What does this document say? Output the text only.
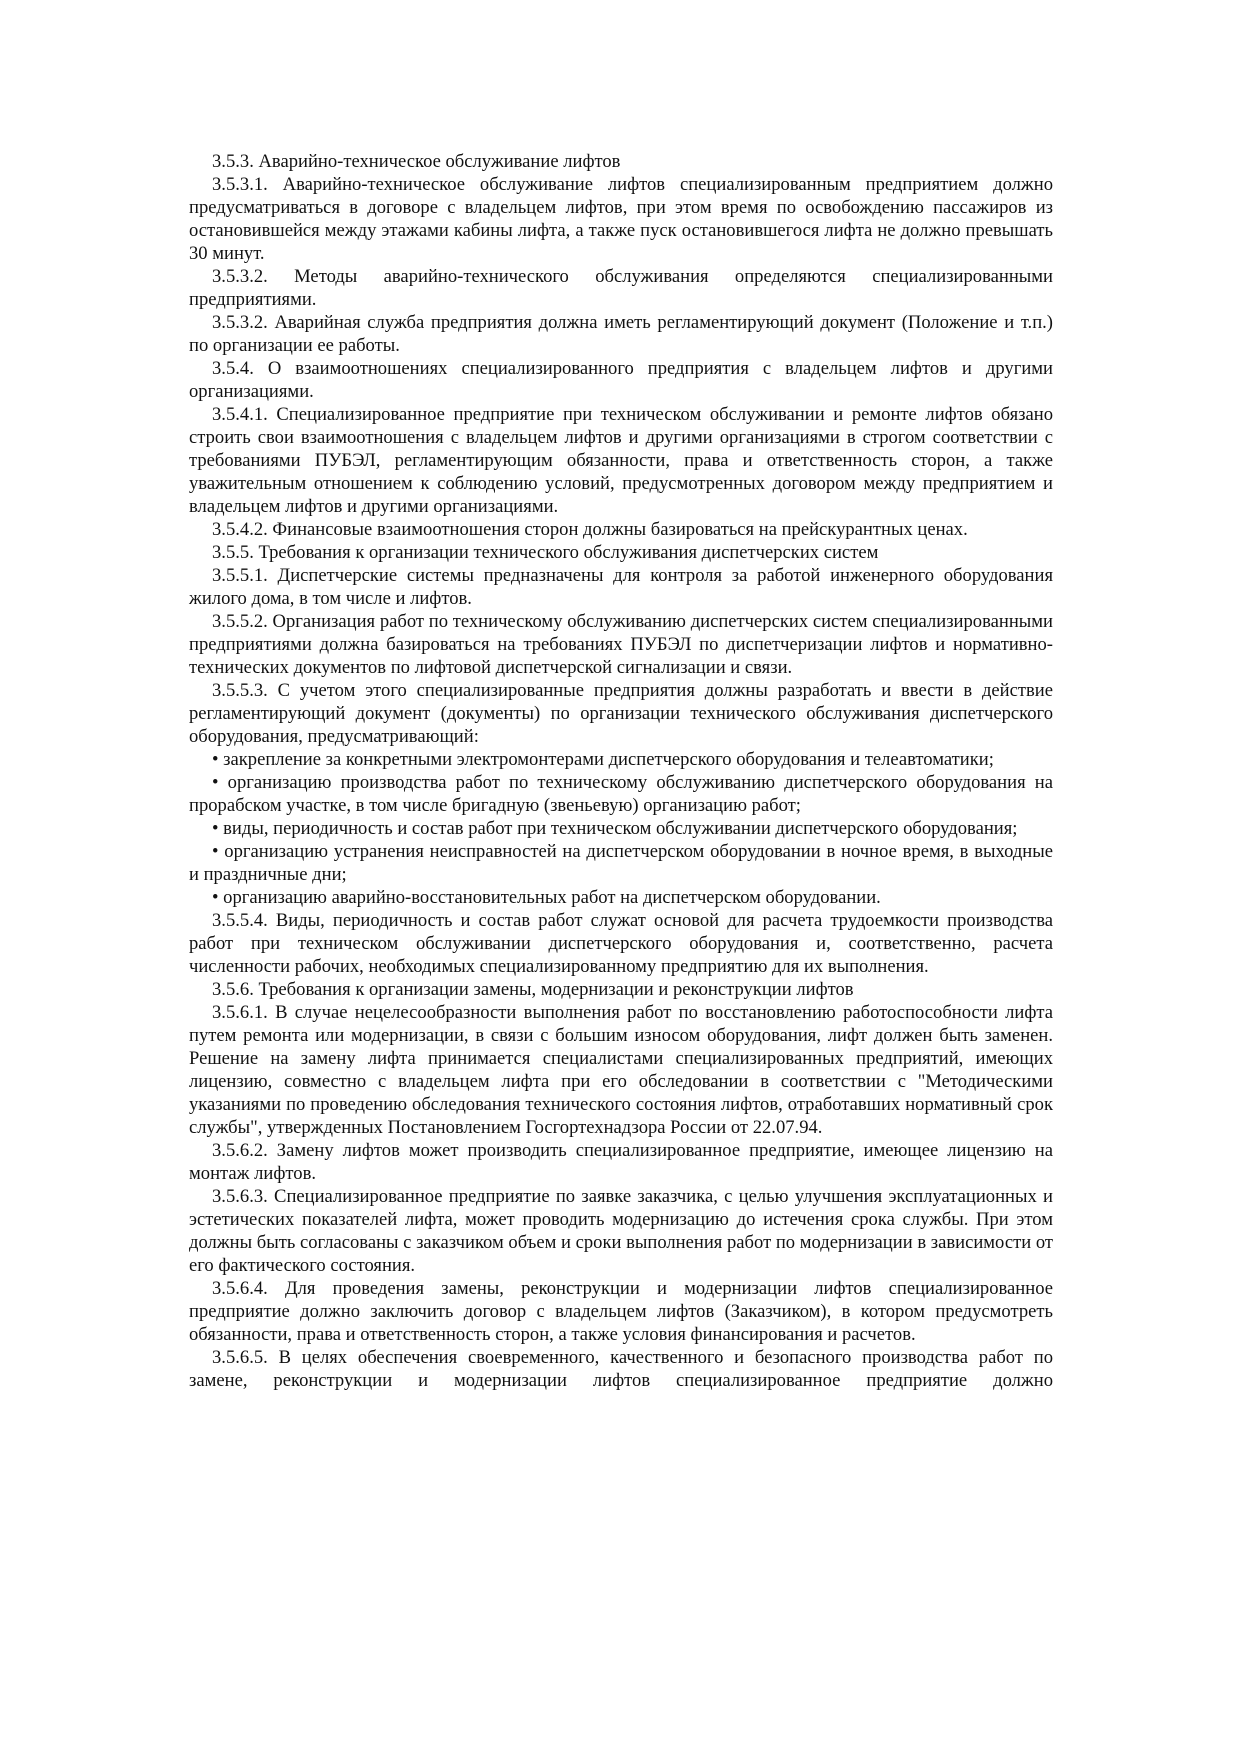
3.5.3. Аварийно-техническое обслуживание лифтов

3.5.3.1. Аварийно-техническое обслуживание лифтов специализированным предприятием должно предусматриваться в договоре с владельцем лифтов, при этом время по освобождению пассажиров из остановившейся между этажами кабины лифта, а также пуск остановившегося лифта не должно превышать 30 минут.

3.5.3.2. Методы аварийно-технического обслуживания определяются специализированными предприятиями.

3.5.3.2. Аварийная служба предприятия должна иметь регламентирующий документ (Положение и т.п.) по организации ее работы.

3.5.4. О взаимоотношениях специализированного предприятия с владельцем лифтов и другими организациями.

3.5.4.1. Специализированное предприятие при техническом обслуживании и ремонте лифтов обязано строить свои взаимоотношения с владельцем лифтов и другими организациями в строгом соответствии с требованиями ПУБЭЛ, регламентирующим обязанности, права и ответственность сторон, а также уважительным отношением к соблюдению условий, предусмотренных договором между предприятием и владельцем лифтов и другими организациями.

3.5.4.2. Финансовые взаимоотношения сторон должны базироваться на прейскурантных ценах.

3.5.5. Требования к организации технического обслуживания диспетчерских систем

3.5.5.1. Диспетчерские системы предназначены для контроля за работой инженерного оборудования жилого дома, в том числе и лифтов.

3.5.5.2. Организация работ по техническому обслуживанию диспетчерских систем специализированными предприятиями должна базироваться на требованиях ПУБЭЛ по диспетчеризации лифтов и нормативно-технических документов по лифтовой диспетчерской сигнализации и связи.

3.5.5.3. С учетом этого специализированные предприятия должны разработать и ввести в действие регламентирующий документ (документы) по организации технического обслуживания диспетчерского оборудования, предусматривающий:

• закрепление за конкретными электромонтерами диспетчерского оборудования и телеавтоматики;

• организацию производства работ по техническому обслуживанию диспетчерского оборудования на прорабском участке, в том числе бригадную (звеньевую) организацию работ;

• виды, периодичность и состав работ при техническом обслуживании диспетчерского оборудования;

• организацию устранения неисправностей на диспетчерском оборудовании в ночное время, в выходные и праздничные дни;

• организацию аварийно-восстановительных работ на диспетчерском оборудовании.

3.5.5.4. Виды, периодичность и состав работ служат основой для расчета трудоемкости производства работ при техническом обслуживании диспетчерского оборудования и, соответственно, расчета численности рабочих, необходимых специализированному предприятию для их выполнения.

3.5.6. Требования к организации замены, модернизации и реконструкции лифтов

3.5.6.1. В случае нецелесообразности выполнения работ по восстановлению работоспособности лифта путем ремонта или модернизации, в связи с большим износом оборудования, лифт должен быть заменен. Решение на замену лифта принимается специалистами специализированных предприятий, имеющих лицензию, совместно с владельцем лифта при его обследовании в соответствии с "Методическими указаниями по проведению обследования технического состояния лифтов, отработавших нормативный срок службы", утвержденных Постановлением Госгортехнадзора России от 22.07.94.

3.5.6.2. Замену лифтов может производить специализированное предприятие, имеющее лицензию на монтаж лифтов.

3.5.6.3. Специализированное предприятие по заявке заказчика, с целью улучшения эксплуатационных и эстетических показателей лифта, может проводить модернизацию до истечения срока службы. При этом должны быть согласованы с заказчиком объем и сроки выполнения работ по модернизации в зависимости от его фактического состояния.

3.5.6.4. Для проведения замены, реконструкции и модернизации лифтов специализированное предприятие должно заключить договор с владельцем лифтов (Заказчиком), в котором предусмотреть обязанности, права и ответственность сторон, а также условия финансирования и расчетов.

3.5.6.5. В целях обеспечения своевременного, качественного и безопасного производства работ по замене, реконструкции и модернизации лифтов специализированное предприятие должно
